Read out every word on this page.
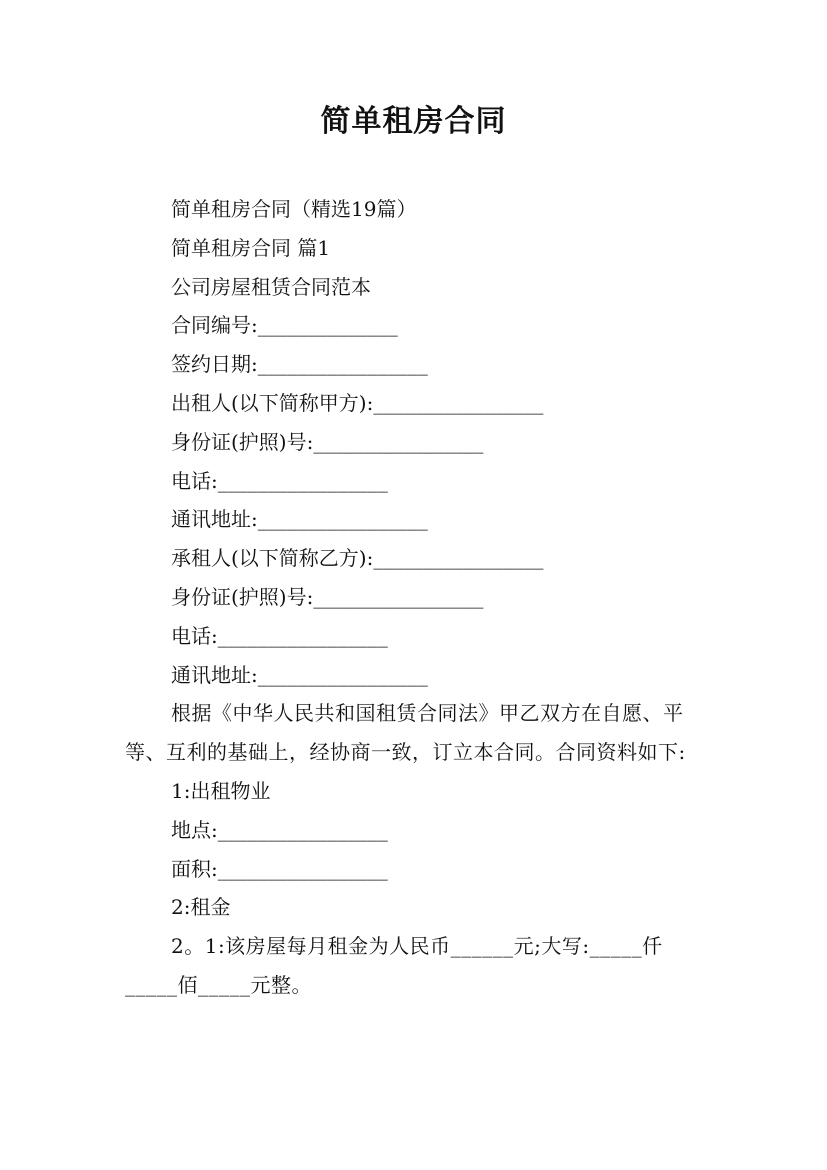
简单租房合同

简单租房合同（精选19篇）

简单租房合同 篇1

公司房屋租赁合同范本

合同编号:______________

签约日期:_________________

出租人(以下简称甲方):_________________

身份证(护照)号:_________________

电话:_________________

通讯地址:_________________

承租人(以下简称乙方):_________________

身份证(护照)号:_________________

电话:_________________

通讯地址:_________________

根据《中华人民共和国租赁合同法》甲乙双方在自愿、平等、互利的基础上，经协商一致，订立本合同。合同资料如下:

1:出租物业

地点:_________________

面积:_________________

2:租金

2。1:该房屋每月租金为人民币______元;大写:_____仟_____佰_____元整。
